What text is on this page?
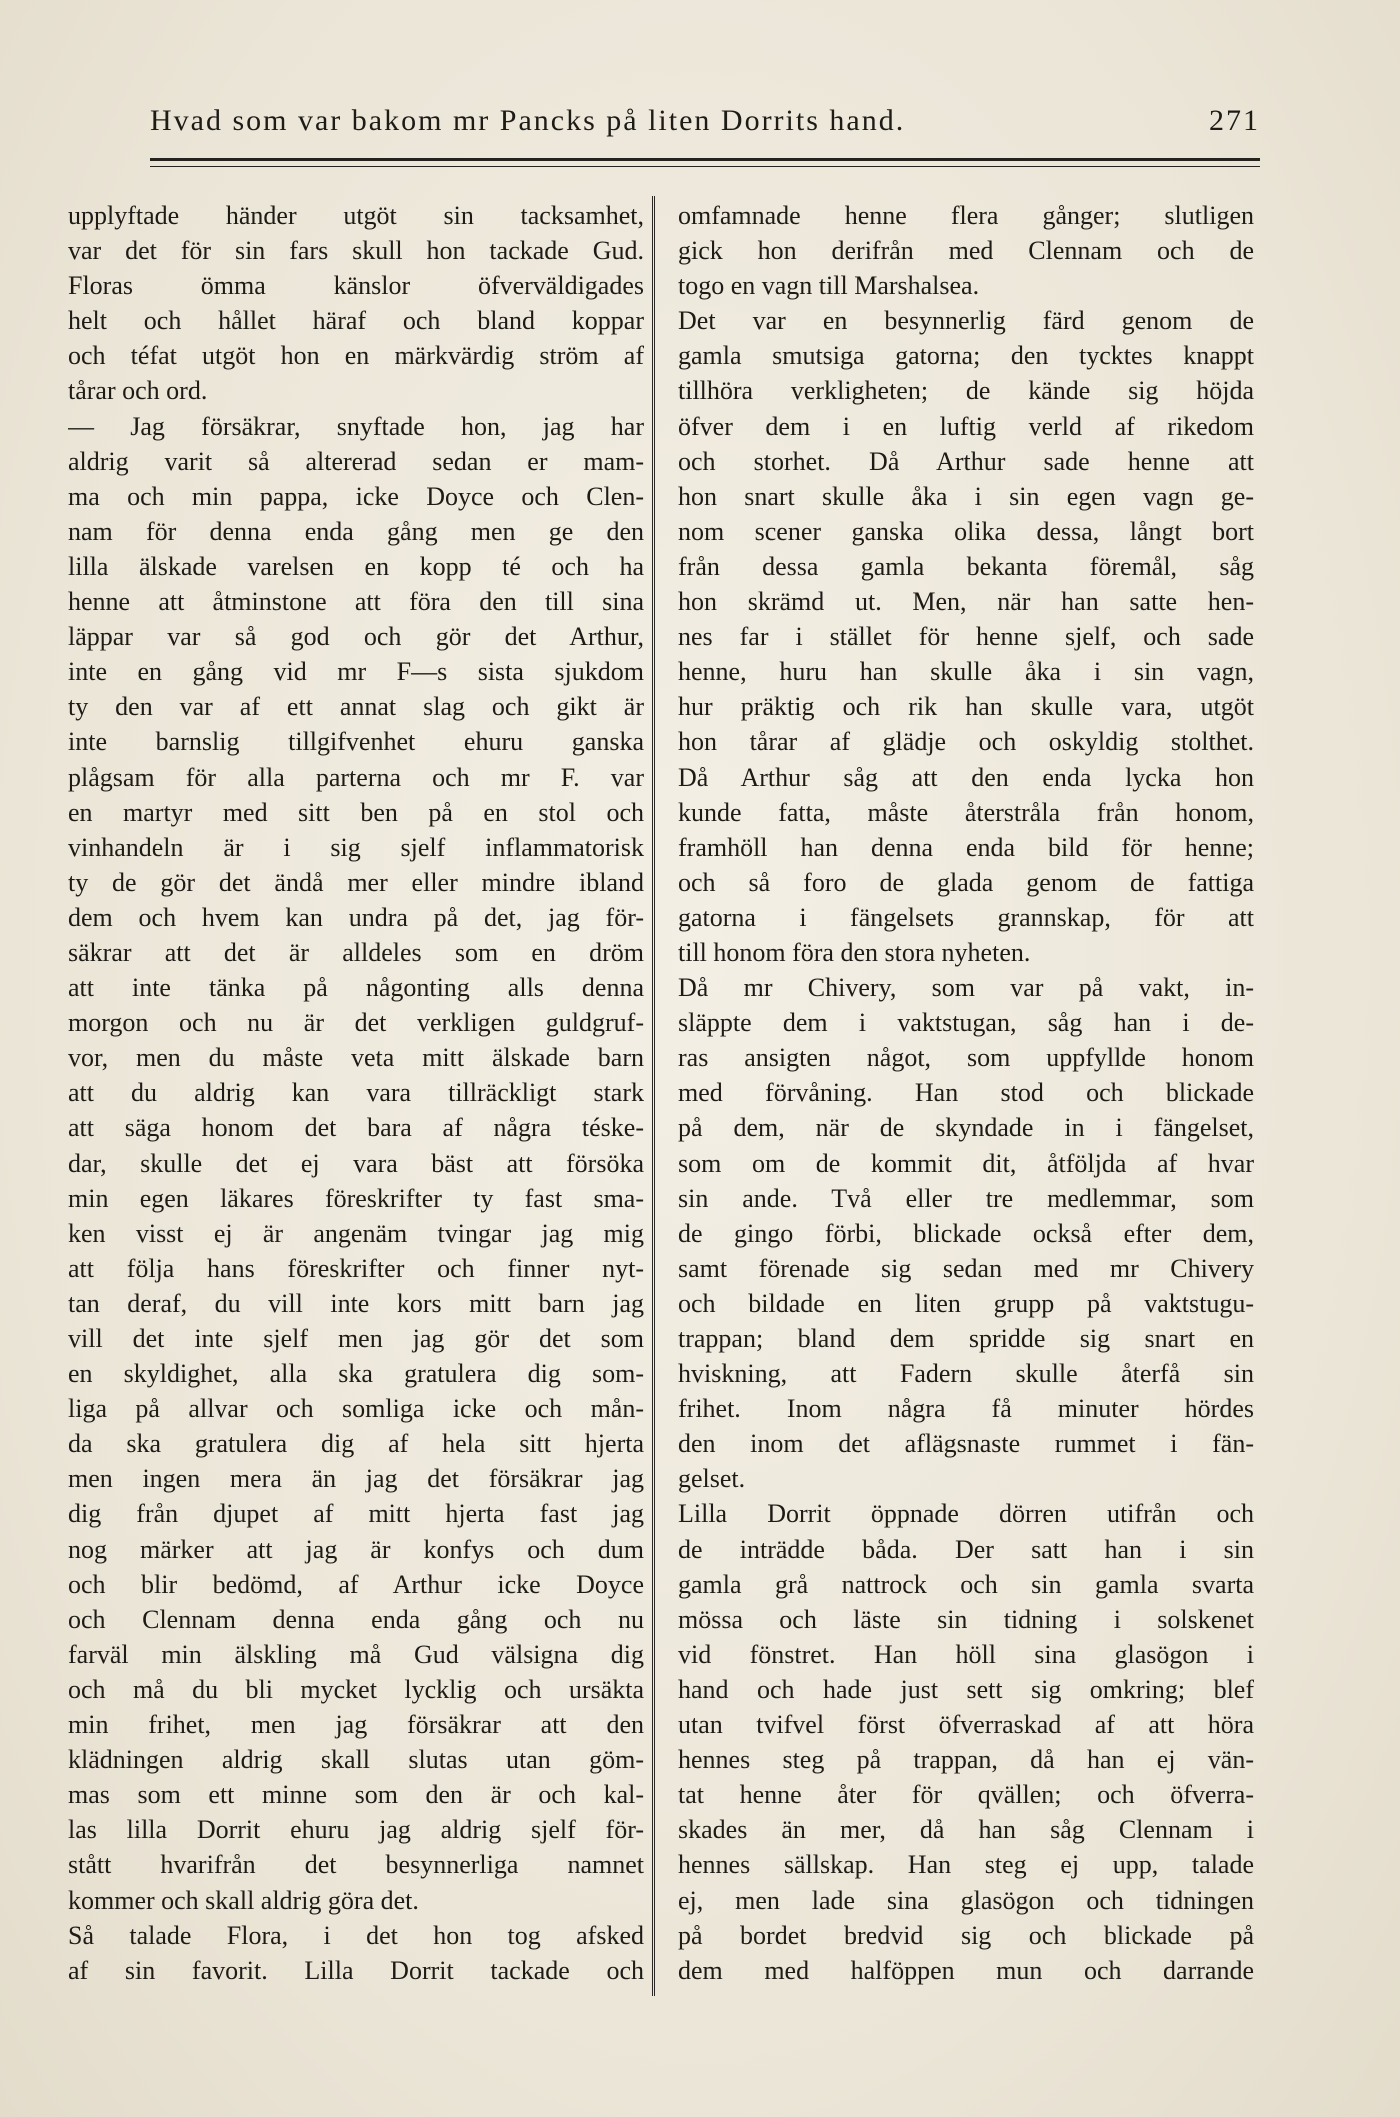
Hvad som var bakom mr Pancks på liten Dorrits hand.	271
upplyftade händer utgöt sin tacksamhet,
var det för sin fars skull hon tackade Gud.
Floras ömma känslor öfverväldigades
helt och hållet häraf och bland koppar
och téfat utgöt hon en märkvärdig ström af
tårar och ord.
— Jag försäkrar, snyftade hon, jag har
aldrig varit så altererad sedan er mam-
ma och min pappa, icke Doyce och Clen-
nam för denna enda gång men ge den
lilla älskade varelsen en kopp té och ha
henne att åtminstone att föra den till sina
läppar var så god och gör det Arthur,
inte en gång vid mr F—s sista sjukdom
ty den var af ett annat slag och gikt är
inte barnslig tillgifvenhet ehuru ganska
plågsam för alla parterna och mr F. var
en martyr med sitt ben på en stol och
vinhandeln är i sig sjelf inflammatorisk
ty de gör det ändå mer eller mindre ibland
dem och hvem kan undra på det, jag för-
säkrar att det är alldeles som en dröm
att inte tänka på någonting alls denna
morgon och nu är det verkligen guldgruf-
vor, men du måste veta mitt älskade barn
att du aldrig kan vara tillräckligt stark
att säga honom det bara af några téske-
dar, skulle det ej vara bäst att försöka
min egen läkares föreskrifter ty fast sma-
ken visst ej är angenäm tvingar jag mig
att följa hans föreskrifter och finner nyt-
tan deraf, du vill inte kors mitt barn jag
vill det inte sjelf men jag gör det som
en skyldighet, alla ska gratulera dig som-
liga på allvar och somliga icke och mån-
da ska gratulera dig af hela sitt hjerta
men ingen mera än jag det försäkrar jag
dig från djupet af mitt hjerta fast jag
nog märker att jag är konfys och dum
och blir bedömd, af Arthur icke Doyce
och Clennam denna enda gång och nu
farväl min älskling må Gud välsigna dig
och må du bli mycket lycklig och ursäkta
min frihet, men jag försäkrar att den
klädningen aldrig skall slutas utan göm-
mas som ett minne som den är och kal-
las lilla Dorrit ehuru jag aldrig sjelf för-
stått hvarifrån det besynnerliga namnet
kommer och skall aldrig göra det.
Så talade Flora, i det hon tog afsked
af sin favorit. Lilla Dorrit tackade och
omfamnade henne flera gånger; slutligen
gick hon derifrån med Clennam och de
togo en vagn till Marshalsea.
Det var en besynnerlig färd genom de
gamla smutsiga gatorna; den tycktes knappt
tillhöra verkligheten; de kände sig höjda
öfver dem i en luftig verld af rikedom
och storhet. Då Arthur sade henne att
hon snart skulle åka i sin egen vagn ge-
nom scener ganska olika dessa, långt bort
från dessa gamla bekanta föremål, såg
hon skrämd ut. Men, när han satte hen-
nes far i stället för henne sjelf, och sade
henne, huru han skulle åka i sin vagn,
hur präktig och rik han skulle vara, utgöt
hon tårar af glädje och oskyldig stolthet.
Då Arthur såg att den enda lycka hon
kunde fatta, måste återstråla från honom,
framhöll han denna enda bild för henne;
och så foro de glada genom de fattiga
gatorna i fängelsets grannskap, för att
till honom föra den stora nyheten.
Då mr Chivery, som var på vakt, in-
släppte dem i vaktstugan, såg han i de-
ras ansigten något, som uppfyllde honom
med förvåning. Han stod och blickade
på dem, när de skyndade in i fängelset,
som om de kommit dit, åtföljda af hvar
sin ande. Två eller tre medlemmar, som
de gingo förbi, blickade också efter dem,
samt förenade sig sedan med mr Chivery
och bildade en liten grupp på vaktstugu-
trappan; bland dem spridde sig snart en
hviskning, att Fadern skulle återfå sin
frihet. Inom några få minuter hördes
den inom det aflägsnaste rummet i fän-
gelset.
Lilla Dorrit öppnade dörren utifrån och
de inträdde båda. Der satt han i sin
gamla grå nattrock och sin gamla svarta
mössa och läste sin tidning i solskenet
vid fönstret. Han höll sina glasögon i
hand och hade just sett sig omkring; blef
utan tvifvel först öfverraskad af att höra
hennes steg på trappan, då han ej vän-
tat henne åter för qvällen; och öfverra-
skades än mer, då han såg Clennam i
hennes sällskap. Han steg ej upp, talade
ej, men lade sina glasögon och tidningen
på bordet bredvid sig och blickade på
dem med halföppen mun och darrande
